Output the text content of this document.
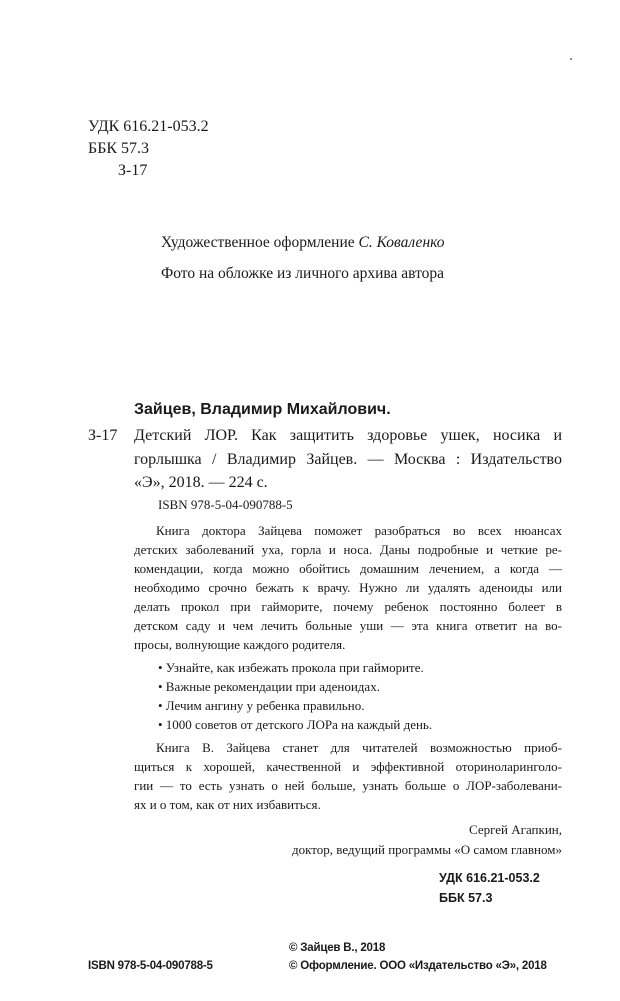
УДК 616.21-053.2
ББК 57.3
З-17
Художественное оформление С. Коваленко
Фото на обложке из личного архива автора
Зайцев, Владимир Михайлович.
З-17 Детский ЛОР. Как защитить здоровье ушек, носика и
горлышка / Владимир Зайцев. — Москва : Издательство
«Э», 2018. — 224 с.
ISBN 978-5-04-090788-5
Книга доктора Зайцева поможет разобраться во всех нюансах
детских заболеваний уха, горла и носа. Даны подробные и четкие ре-
комендации, когда можно обойтись домашним лечением, а когда —
необходимо срочно бежать к врачу. Нужно ли удалять аденоиды или
делать прокол при гайморите, почему ребенок постоянно болеет в
детском саду и чем лечить больные уши — эта книга ответит на во-
просы, волнующие каждого родителя.
• Узнайте, как избежать прокола при гайморите.
• Важные рекомендации при аденоидах.
• Лечим ангину у ребенка правильно.
• 1000 советов от детского ЛОРа на каждый день.
Книга В. Зайцева станет для читателей возможностью приоб-
щиться к хорошей, качественной и эффективной оториноларинголо-
гии — то есть узнать о ней больше, узнать больше о ЛОР-заболевани-
ях и о том, как от них избавиться.
Сергей Агапкин,
доктор, ведущий программы «О самом главном»
УДК 616.21-053.2
ББК 57.3
ISBN 978-5-04-090788-5
© Зайцев В., 2018
© Оформление. ООО «Издательство «Э», 2018
